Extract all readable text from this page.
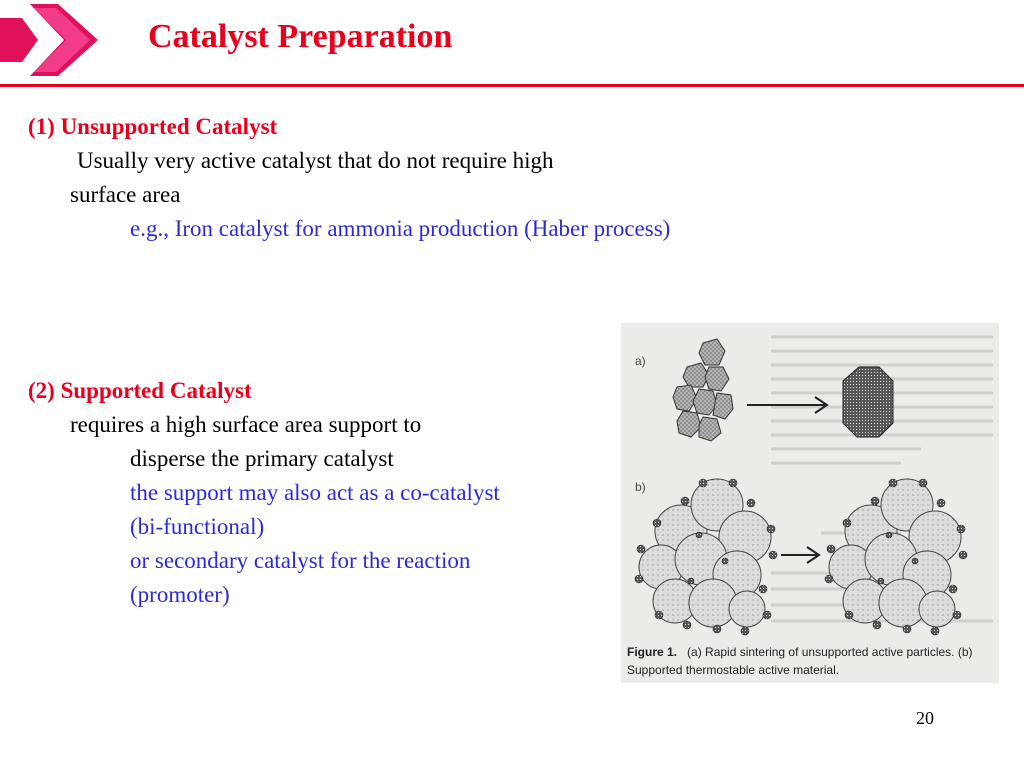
Catalyst Preparation
(1) Unsupported Catalyst
Usually very active catalyst that do not require high
surface area
e.g., Iron catalyst for ammonia production (Haber process)
(2) Supported Catalyst
requires a high surface area support to
disperse the primary catalyst
the support may also act as a co-catalyst
(bi-functional)
or secondary catalyst for the reaction
(promoter)
a)
b)
Figure 1. (a) Rapid sintering of unsupported active particles. (b)
Supported thermostable active material.
20
